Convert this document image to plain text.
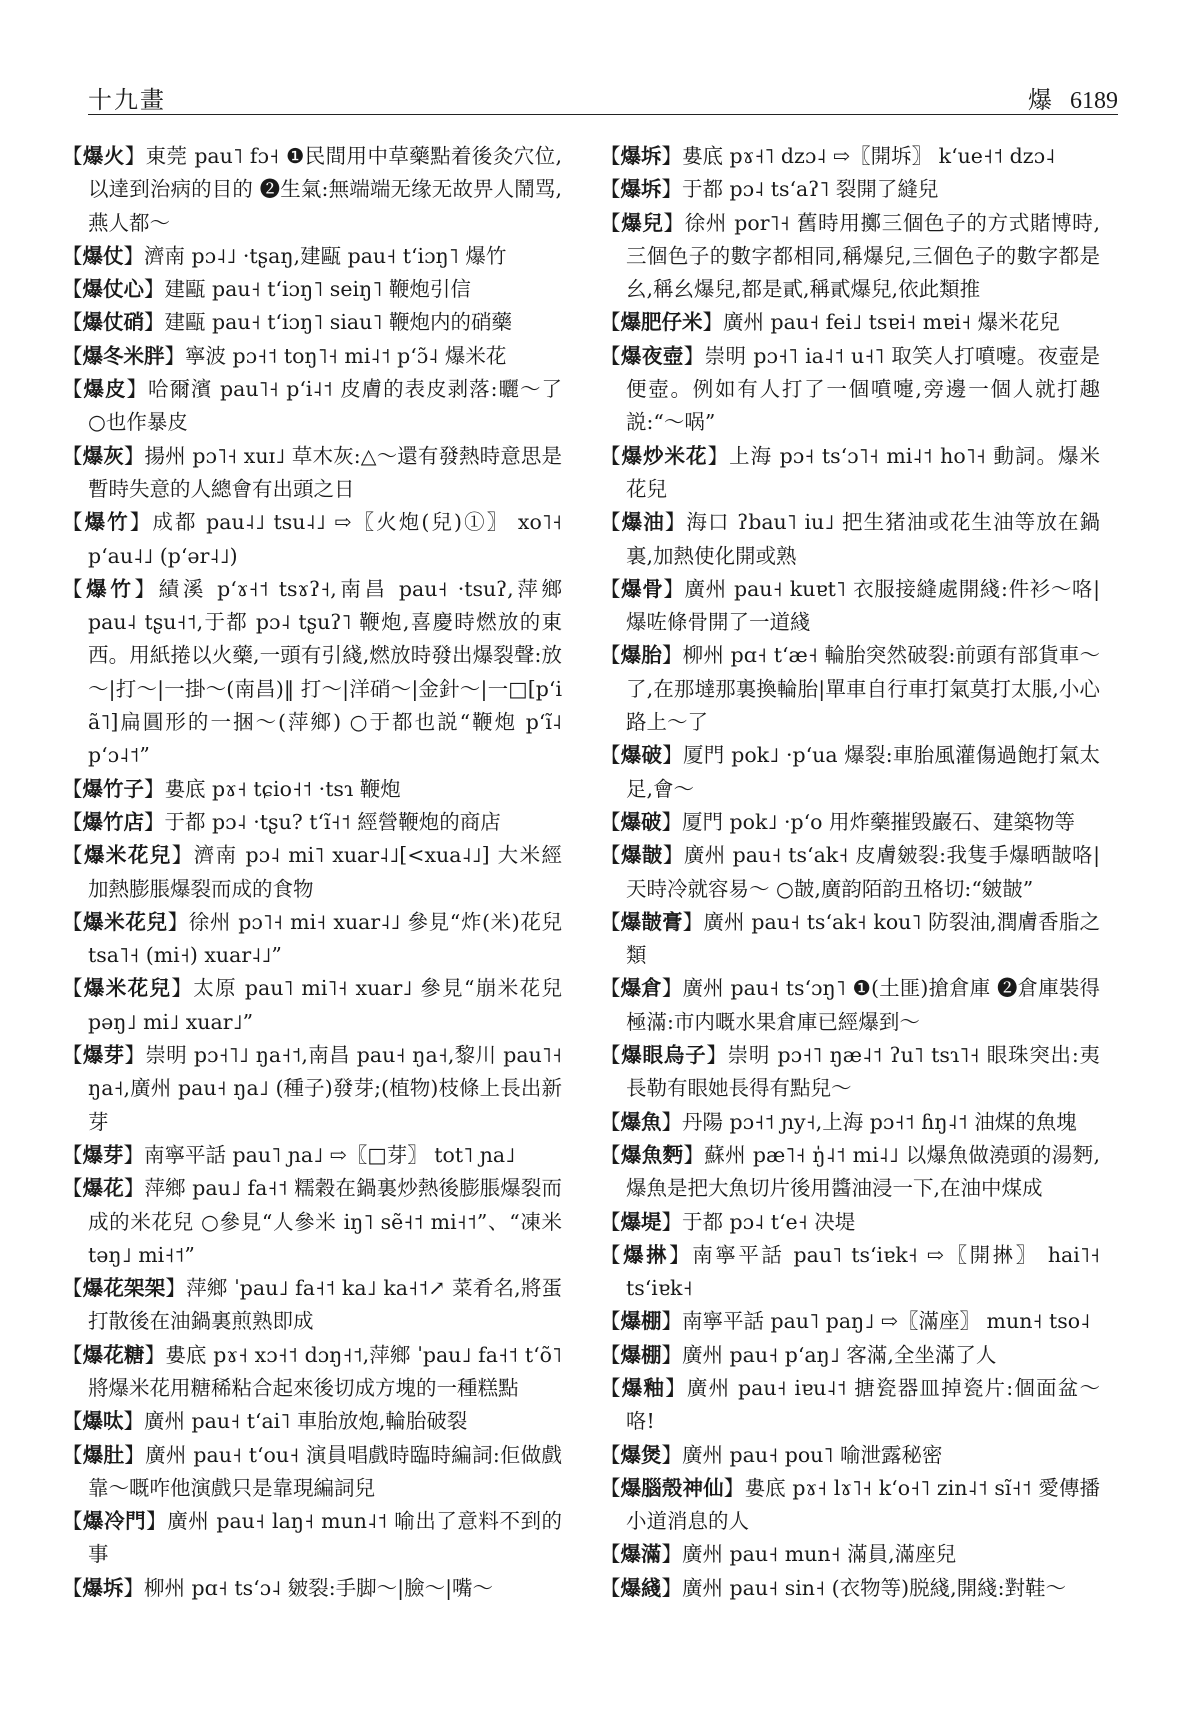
十九畫	爆 6189

【爆火】東莞 pau˥ fɔ˧ ❶民間用中草藥點着後灸穴位,以達到治病的目的 ❷生氣:無端端无缘无故畀人鬧骂,燕人都～

【爆仗】濟南 pɔ˨˩ ·tʂaŋ,建甌 pau˧ tʻiɔŋ˥ 爆竹

【爆仗心】建甌 pau˧ tʻiɔŋ˥ seiŋ˥ 鞭炮引信

【爆仗硝】建甌 pau˧ tʻiɔŋ˥ siau˥ 鞭炮内的硝藥

【爆冬米胖】寧波 pɔ˧˦ toŋ˥˧ mi˨˦ pʻɔ̃˨ 爆米花

【爆皮】哈爾濱 pau˥˧ pʻi˨˦ 皮膚的表皮剥落:曬～了 ○也作暴皮

【爆灰】揚州 pɔ˥˧ xuɪ˩ 草木灰:△～還有發熱時意思是暫時失意的人總會有出頭之日

【爆竹】成都 pau˨˩ tsu˨˩ ⇨〖火炮(兒)①〗 xo˥˧ pʻau˨˩ (pʻər˨˩)

【爆竹】績溪 pʻɤ˧˦ tsɤʔ˧,南昌 pau˧ ·tsuʔ,萍鄉 pau˨ tʂu˧˦,于都 pɔ˨ tʂuʔ˥ 鞭炮,喜慶時燃放的東西。用紙捲以火藥,一頭有引綫,燃放時發出爆裂聲:放～|打～|一掛～(南昌)‖ 打～|洋硝～|金針～|一□[pʻi ã˥]扁圓形的一捆～(萍鄉) ○于都也説“鞭炮 pʻĩ˨ pʻɔ˨˦”

【爆竹子】婁底 pɤ˧ tɕio˧˦ ·tsɿ 鞭炮

【爆竹店】于都 pɔ˨ ·tʂu? tʻĩ˧˦ 經營鞭炮的商店

【爆米花兒】濟南 pɔ˨ mi˥ xuar˨˩[<xua˨˩] 大米經加熱膨脹爆裂而成的食物

【爆米花兒】徐州 pɔ˥˧ mi˧ xuar˨˩ 參見“炸(米)花兒 tsa˥˧ (mi˧) xuar˨˩”

【爆米花兒】太原 pau˥ mi˥˧ xuar˩ 參見“崩米花兒 pəŋ˩ mi˩ xuar˩”

【爆芽】崇明 pɔ˧˥˩ ŋa˧˦,南昌 pau˧ ŋa˧,黎川 pau˥˧ ŋa˧,廣州 pau˧ ŋa˩ (種子)發芽;(植物)枝條上長出新芽

【爆芽】南寧平話 pau˥ ɲa˩ ⇨〖□芽〗 tot˥ ɲa˩

【爆花】萍鄉 pau˩ fa˧˦ 糯穀在鍋裏炒熱後膨脹爆裂而成的米花兒 ○參見“人參米 iŋ˥ sẽ˧˦ mi˧˦”、“凍米 təŋ˩ mi˧˦”

【爆花架架】萍鄉 ˈpau˩ fa˧˦ ka˩ ka˧˦↗ 菜肴名,將蛋打散後在油鍋裏煎熟即成

【爆花糖】婁底 pɤ˧ xɔ˧˦ dɔŋ˧˦,萍鄉 ˈpau˩ fa˧˦ tʻõ˥ 將爆米花用糖稀粘合起來後切成方塊的一種糕點

【爆呔】廣州 pau˧ tʻai˥ 車胎放炮,輪胎破裂

【爆肚】廣州 pau˧ tʻou˧ 演員唱戲時臨時編詞:佢做戲靠～嘅咋他演戲只是靠現編詞兒

【爆冷門】廣州 pau˧ laŋ˧ mun˨˦ 喻出了意料不到的事

【爆坼】柳州 pɑ˧ tsʻɔ˨ 皴裂:手脚～|臉～|嘴～

【爆坼】婁底 pɤ˧˥ dzɔ˨ ⇨〖開坼〗 kʻue˧˦ dzɔ˨

【爆坼】于都 pɔ˨ tsʻaʔ˥ 裂開了縫兒

【爆兒】徐州 por˥˧ 舊時用擲三個色子的方式賭博時,三個色子的數字都相同,稱爆兒,三個色子的數字都是幺,稱幺爆兒,都是貳,稱貳爆兒,依此類推

【爆肥仔米】廣州 pau˧ fei˩ tsɐi˧ mɐi˧ 爆米花兒

【爆夜壺】崇明 pɔ˧˥ ia˨˦ u˧˥ 取笑人打噴嚏。夜壺是便壺。例如有人打了一個噴嚏,旁邊一個人就打趣説:“～㖞”

【爆炒米花】上海 pɔ˧ tsʻɔ˥˧ mi˨˦ ho˥˧ 動詞。爆米花兒

【爆油】海口 ʔbau˥ iu˩ 把生猪油或花生油等放在鍋裏,加熱使化開或熟

【爆骨】廣州 pau˧ kuɐt˥ 衣服接縫處開綫:件衫～咯|爆咗條骨開了一道綫

【爆胎】柳州 pɑ˧ tʻæ˧ 輪胎突然破裂:前頭有部貨車～了,在那墶那裏換輪胎|單車自行車打氣莫打太脹,小心路上～了

【爆破】厦門 pok˩ ·pʻua 爆裂:車胎風灌傷過飽打氣太足,會～

【爆破】厦門 pok˩ ·pʻo 用炸藥摧毁巖石、建築物等

【爆皵】廣州 pau˧ tsʻak˧ 皮膚皴裂:我隻手爆晒皵咯|天時冷就容易～ ○皵,廣韵陌韵丑格切:“皴皵”

【爆皵膏】廣州 pau˧ tsʻak˧ kou˥ 防裂油,潤膚香脂之類

【爆倉】廣州 pau˧ tsʻɔŋ˥ ❶(土匪)搶倉庫 ❷倉庫裝得極滿:市内嘅水果倉庫已經爆到～

【爆眼烏子】崇明 pɔ˧˥ ŋæ˨˦ ʔu˥ tsɿ˥˧ 眼珠突出:夷長勒有眼她長得有點兒～

【爆魚】丹陽 pɔ˧˦ ɲy˧,上海 pɔ˧˦ ɦŋ˨˦ 油煤的魚塊

【爆魚麪】蘇州 pæ˥˧ ŋ̍˨˦ mi˨˩ 以爆魚做澆頭的湯麪,爆魚是把大魚切片後用醬油浸一下,在油中煤成

【爆堤】于都 pɔ˨ tʻe˧ 决堤

【爆㨆】南寧平話 pau˥ tsʻiɐk˧ ⇨〖開㨆〗 hai˥˧ tsʻiɐk˧

【爆棚】南寧平話 pau˥ paŋ˩ ⇨〖滿座〗 mun˧ tso˨

【爆棚】廣州 pau˧ pʻaŋ˩ 客滿,全坐滿了人

【爆釉】廣州 pau˧ iɐu˨˦ 搪瓷器皿掉瓷片:個面盆～咯!

【爆煲】廣州 pau˧ pou˥ 喻泄露秘密

【爆腦殼神仙】婁底 pɤ˧ lɤ˥˧ kʻo˧˥ zin˨˦ sĩ˧˦ 愛傳播小道消息的人

【爆滿】廣州 pau˧ mun˧ 滿員,滿座兒

【爆綫】廣州 pau˧ sin˧ (衣物等)脱綫,開綫:對鞋～
